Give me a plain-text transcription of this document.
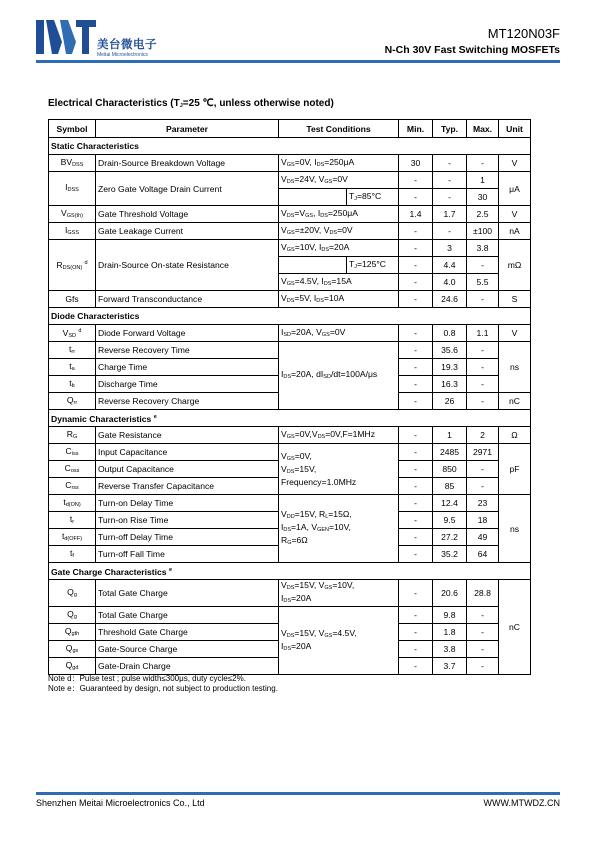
美台微电子
Meitai Microelectronics
MT120N03F
N-Ch 30V Fast Switching MOSFETs
Electrical Characteristics (TJ=25 ℃, unless otherwise noted)
Symbol	Parameter	Test Conditions		Min.	Typ.	Max.	Unit
Static Characteristics							
BVDSS	Drain-Source Breakdown Voltage	VGS=0V, IDS=250μA		30	-	-	V
IDSS	Zero Gate Voltage Drain Current	VDS=24V, VGS=0V		-	-	1	μA
			TJ=85°C	-	-	30	
VGS(th)	Gate Threshold Voltage	VDS=VGS, IDS=250μA		1.4	1.7	2.5	V
IGSS	Gate Leakage Current	VGS=±20V, VDS=0V		-	-	±100	nA
RDS(ON) $^d$	Drain-Source On-state Resistance	VGS=10V, IDS=20A		-	3	3.8	mΩ
			TJ=125°C	-	4.4	-	
		VGS=4.5V, IDS=15A		-	4.0	5.5	
Gfs	Forward Transconductance	VDS=5V, IDS=10A		-	24.6	-	S
Diode Characteristics							
VSD $^d$	Diode Forward Voltage	ISD=20A, VGS=0V		-	0.8	1.1	V
trr	Reverse Recovery Time	IDS=20A, dISD/dt=100A/μs		-	35.6	-	ns
ta	Charge Time			-	19.3	-	
tb	Discharge Time			-	16.3	-	
Qrr	Reverse Recovery Charge			-	26	-	nC
Dynamic Characteristics $^e$
RG	Gate Resistance	VGS=0V,VDS=0V,F=1MHz		-	1	2	Ω
Ciss	Input Capacitance	VGS=0V,
VDS=15V,
Frequency=1.0MHz		-	2485	2971	pF
Coss	Output Capacitance			-	850	-	
Crss	Reverse Transfer Capacitance			-	85	-	
td(ON)	Turn-on Delay Time	VDD=15V, RL=15Ω,
IDS=1A, VGEN=10V,
RG=6Ω		-	12.4	23	ns
tr	Turn-on Rise Time			-	9.5	18	
td(OFF)	Turn-off Delay Time			-	27.2	49	
tf	Turn-off Fall Time			-	35.2	64	
Gate Charge Characteristics $^e$
Qg	Total Gate Charge	VDS=15V, VGS=10V,
IDS=20A		-	20.6	28.8	nC
Qg	Total Gate Charge	VDS=15V, VGS=4.5V,
IDS=20A		-	9.8	-	
Qgth	Threshold Gate Charge			-	1.8	-	
Qgs	Gate-Source Charge			-	3.8	-	
Qgd	Gate-Drain Charge			-	3.7	-	
Note d：Pulse test ; pulse width≤300μs, duty cycle≤2%.
Note e：Guaranteed by design, not subject to production testing.
Shenzhen Meitai Microelectronics Co., Ltd	WWW.MTWDZ.CN
